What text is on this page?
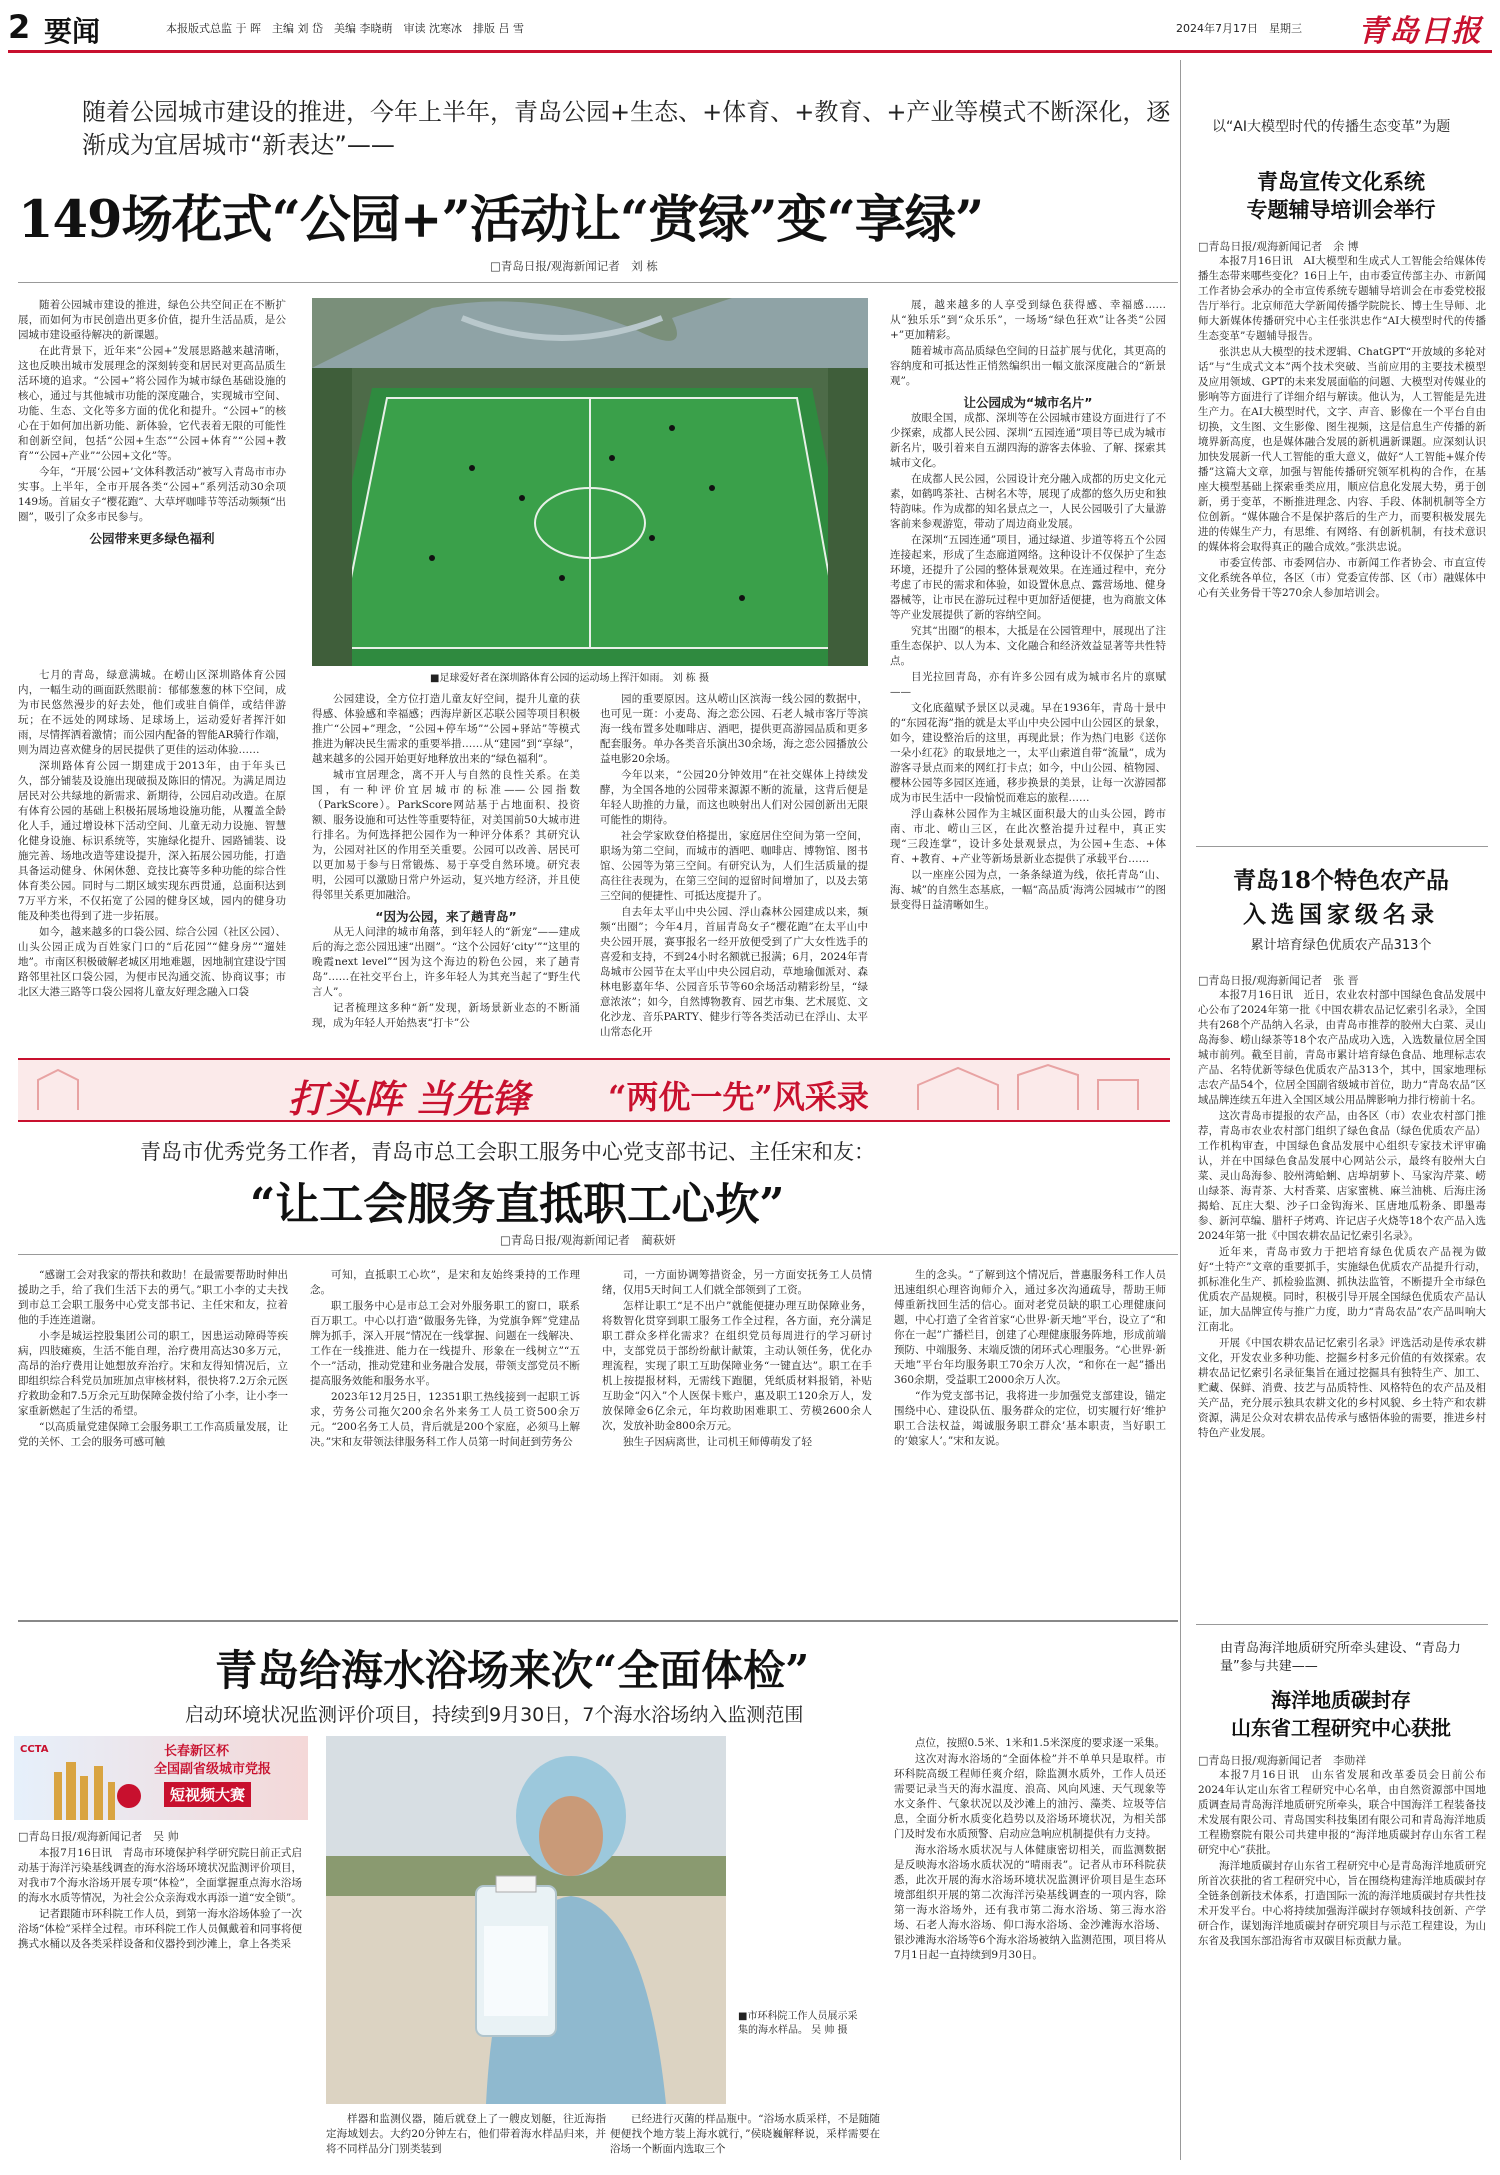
2 要闻	本报版式总监 于 晖　主编 刘 岱　美编 李晓萌　审读 沈寒冰　排版 吕 雪	2024年7月17日　星期三 青岛日报
随着公园城市建设的推进，今年上半年，青岛公园+生态、+体育、+教育、+产业等模式不断深化，逐渐成为宜居城市“新表达”——
149场花式“公园+”活动让“赏绿”变“享绿”
□青岛日报/观海新闻记者　刘 栋

随着公园城市建设的推进，绿色公共空间正在不断扩展，而如何为市民创造出更多价值，提升生活品质，是公园城市建设亟待解决的新课题。

在此背景下，近年来“公园+”发展思路越来越清晰，这也反映出城市发展理念的深刻转变和居民对更高品质生活环境的追求。“公园+”将公园作为城市绿色基础设施的核心，通过与其他城市功能的深度融合，实现城市空间、功能、生态、文化等多方面的优化和提升。“公园+”的核心在于如何加出新功能、新体验，它代表着无限的可能性和创新空间，包括“公园+生态”“公园+体育”“公园+教育”“公园+产业”“公园+文化”等。

今年，“开展‘公园+’文体科教活动”被写入青岛市市办实事。上半年，全市开展各类“公园+”系列活动30余项149场。首届女子“樱花跑”、大草坪咖啡节等活动频频“出圈”，吸引了众多市民参与。

公园带来更多绿色福利

七月的青岛，绿意满城。在崂山区深圳路体育公园内，一幅生动的画面跃然眼前：郁郁葱葱的林下空间，成为市民悠然漫步的好去处，他们或驻自倘佯，或结伴游玩；在不远处的网球场、足球场上，运动爱好者挥汗如雨，尽情挥洒着激情；而公园内配备的智能AR骑行作端，则为周边喜欢健身的居民提供了更佳的运动体验……

深圳路体育公园一期建成于2013年，由于年头已久，部分铺装及设施出现破损及陈旧的情况。为满足周边居民对公共绿地的新需求、新期待，公园启动改造。在原有体育公园的基础上积极拓展场地设施功能，从覆盖全龄化人手，通过增设林下活动空间、儿童无动力设施、智慧化健身设施、标识系统等，实施绿化提升、园路铺装、设施完善、场地改造等建设提升，深入拓展公园功能，打造具备运动健身、休闲休憩、竞技比赛等多种功能的综合性体育类公园。同时与二期区域实现东西贯通，总面积达到7万平方米，不仅拓宽了公园的健身区域，园内的健身功能及种类也得到了进一步拓展。

如今，越来越多的口袋公园、综合公园（社区公园）、山头公园正成为百姓家门口的“后花园”“健身房”“遛娃地”。市南区积极破解老城区用地难题，因地制宜建设宁国路邻里社区口袋公园，为便市民沟通交流、协商议事；市北区大港三路等口袋公园将儿童友好理念融入口袋

■足球爱好者在深圳路体育公园的运动场上挥汗如雨。 刘 栋 摄

公园建设，全方位打造儿童友好空间，提升儿童的获得感、体验感和幸福感；西海岸新区芯联公园等项目积极推广“公园+”理念，“公园+停车场”“公园+驿站”等模式推进为解决民生需求的重要举措……从“建园”到“享绿”，越来越多的公园开始更好地释放出来的“绿色福利”。

城市宜居理念，离不开人与自然的良性关系。在美国，有一种评价宜居城市的标准——公园指数（ParkScore）。ParkScore网站基于占地面积、投资额、服务设施和可达性等重要特征，对美国前50大城市进行排名。为何选择把公园作为一种评分体系？其研究认为，公园对社区的作用至关重要。公园可以改善、居民可以更加易于参与日常锻炼、易于享受自然环境。研究表明，公园可以激励日常户外运动，复兴地方经济，并且使得邻里关系更加融洽。

“因为公园，来了趟青岛”

从无人问津的城市角落，到年轻人的“新宠”——建成后的海之恋公园迅速“出圈”。“这个公园好‘city’”“这里的晚霞next level”“因为这个海边的粉色公园，来了趟青岛”……在社交平台上，许多年轻人为其充当起了“野生代言人”。

记者梳理这多种“新”发现，新场景新业态的不断涌现，成为年轻人开始热衷“打卡”公

园的重要原因。这从崂山区滨海一线公园的数据中，也可见一斑：小麦岛、海之恋公园、石老人城市客厅等滨海一线布置多处咖啡店、酒吧，提供更高游园品质和更多配套服务。单办各类音乐演出30余场，海之恋公园播放公益电影20余场。

今年以来，“公园20分钟效用”在社交媒体上持续发酵，为全国各地的公园带来源源不断的流量，这背后便是年轻人助推的力量，而这也映射出人们对公园创新出无限可能性的期待。

社会学家欧登伯格提出，家庭居住空间为第一空间，职场为第二空间，而城市的酒吧、咖啡店、博物馆、图书馆、公园等为第三空间。有研究认为，人们生活质量的提高往往表现为，在第三空间的逗留时间增加了，以及去第三空间的便捷性、可抵达度提升了。

自去年太平山中央公园、浮山森林公园建成以来，频频“出圈”；今年4月，首届青岛女子“樱花跑”在太平山中央公园开展，赛事报名一经开放便受到了广大女性选手的喜爱和支持，不到24小时名额就已报满；6月，2024年青岛城市公园节在太平山中央公园启动，草地瑜伽派对、森林电影嘉年华、公园音乐节等60余场活动精彩纷呈，“绿意浓浓”；如今，自然博物教育、园艺市集、艺术展览、文化沙龙、音乐PARTY、健步行等各类活动已在浮山、太平山常态化开

展，越来越多的人享受到绿色获得感、幸福感……从“独乐乐”到“众乐乐”，一场场“绿色狂欢”让各类“公园+”更加精彩。

随着城市高品质绿色空间的日益扩展与优化，其更高的容纳度和可抵达性正悄然编织出一幅文旅深度融合的“新景观”。

让公园成为“城市名片”

放眼全国，成都、深圳等在公园城市建设方面进行了不少探索，成都人民公园、深圳“五园连通”项目等已成为城市新名片，吸引着来自五湖四海的游客去体验、了解、探索其城市文化。

在成都人民公园，公园设计充分融入成都的历史文化元素，如鹤鸣茶社、古树名木等，展现了成都的悠久历史和独特韵味。作为成都的知名景点之一，人民公园吸引了大量游客前来参观游览，带动了周边商业发展。

在深圳“五园连通”项目，通过绿道、步道等将五个公园连接起来，形成了生态廊道网络。这种设计不仅保护了生态环境，还提升了公园的整体景观效果。在连通过程中，充分考虑了市民的需求和体验，如设置休息点、露营场地、健身器械等，让市民在游玩过程中更加舒适便捷，也为商旅文体等产业发展提供了新的容纳空间。

究其“出圈”的根本，大抵是在公园管理中，展现出了注重生态保护、以人为本、文化融合和经济效益显著等共性特点。

目光拉回青岛，亦有许多公园有成为城市名片的禀赋——

文化底蕴赋予景区以灵魂。早在1936年，青岛十景中的“东园花海”指的就是太平山中央公园中山公园区的景象，如今，建设整治后的这里，再现此景；作为热门电影《送你一朵小红花》的取景地之一，太平山索道自带“流量”，成为游客寻景点而来的网红打卡点；如今，中山公园、植物园、樱林公园等多园区连通，移步换景的美景，让每一次游园都成为市民生活中一段愉悦而难忘的旅程……

浮山森林公园作为主城区面积最大的山头公园，跨市南、市北、崂山三区，在此次整治提升过程中，真正实现“三段连掌”，设计多处景观景点，为公园+生态、+体育、+教育、+产业等新场景新业态提供了承载平台……

以一座座公园为点，一条条绿道为线，依托青岛“山、海、城”的自然生态基底，一幅“高品质‘海湾公园城市’”的图景变得日益清晰如生。

打头阵 当先锋 “两优一先”风采录
青岛市优秀党务工作者，青岛市总工会职工服务中心党支部书记、主任宋和友：
“让工会服务直抵职工心坎”
□青岛日报/观海新闻记者　蔺萩妍

“感谢工会对我家的帮扶和救助！在最需要帮助时伸出援助之手，给了我们生活下去的勇气。”职工小李的丈夫找到市总工会职工服务中心党支部书记、主任宋和友，拉着他的手连连道谢。

小李是城运控股集团公司的职工，因患运动障碍等疾病，四肢瘫痪，生活不能自理，治疗费用高达30多万元，高昂的治疗费用让她想放弃治疗。宋和友得知情况后，立即组织综合科党员加班加点审核材料，很快将7.2万余元医疗救助金和7.5万余元互助保障金拨付给了小李，让小李一家重新燃起了生活的希望。

“以高质量党建保障工会服务职工工作高质量发展，让党的关怀、工会的服务可感可触

可知，直抵职工心坎”，是宋和友始终秉持的工作理念。

职工服务中心是市总工会对外服务职工的窗口，联系百万职工。中心以打造“做服务先锋，为党旗争辉”党建品牌为抓手，深入开展“情况在一线掌握、问题在一线解决、工作在一线推进、能力在一线提升、形象在一线树立”“五个一”活动，推动党建和业务融合发展，带领支部党员不断提高服务效能和服务水平。

2023年12月25日，12351职工热线接到一起职工诉求，劳务公司拖欠200余名外来务工人员工资500余万元。“200名务工人员，背后就是200个家庭，必须马上解决。”宋和友带领法律服务科工作人员第一时间赶到劳务公

司，一方面协调筹措资金，另一方面安抚务工人员情绪，仅用5天时间工人们就全部领到了工资。

怎样让职工“足不出户”就能便捷办理互助保障业务，将数智化贯穿到职工服务工作全过程，各方面，充分满足职工群众多样化需求？在组织党员每周进行的学习研讨中，支部党员于部纷纷献计献策，主动认领任务，优化办理流程，实现了职工互助保障业务“一键直达”。职工在手机上按提报材料，无需线下跑腿，凭纸质材料报销，补贴互助金“闪入”个人医保卡账户，惠及职工120余万人，发放保障金6亿余元，年均救助困难职工、劳模2600余人次，发放补助金800余万元。

独生子因病离世，让司机王师傅萌发了轻

生的念头。“了解到这个情况后，普惠服务科工作人员迅速组织心理咨询师介入，通过多次沟通疏导，帮助王师傅重新找回生活的信心。面对老党员缺的职工心理健康问题，中心打造了全省首家“心世界·新天地”平台，设立了“和你在一起”广播栏目，创建了心理健康服务阵地，形成前端预防、中端服务、末端反馈的闭环式心理服务。“心世界·新天地”平台年均服务职工70余万人次，“和你在一起”播出360余期，受益职工2000余万人次。

“作为党支部书记，我将进一步加强党支部建设，锚定围绕中心、建设队伍、服务群众的定位，切实履行好‘维护职工合法权益，竭诚服务职工群众’基本职责，当好职工的‘娘家人’。”宋和友说。

青岛给海水浴场来次“全面体检”
启动环境状况监测评价项目，持续到9月30日，7个海水浴场纳入监测范围
CCTA	长春新区杯
全国副省级城市党报
短视频大赛
□青岛日报/观海新闻记者　吴 帅

本报7月16日讯　青岛市环境保护科学研究院日前正式启动基于海洋污染基线调查的海水浴场环境状况监测评价项目，对我市7个海水浴场开展专项“体检”，全面掌握重点海水浴场的海水水质等情况，为社会公众亲海戏水再添一道“安全锁”。

记者跟随市环科院工作人员，到第一海水浴场体验了一次浴场“体检”采样全过程。市环科院工作人员佩戴着和同事将便携式水桶以及各类采样设备和仪器拎到沙滩上，拿上各类采

■市环科院工作人员展示采集的海水样品。 吴 帅 摄

样器和监测仪器，随后就登上了一艘皮划艇，往近海指定海域划去。大约20分钟左右，他们带着海水样品归来，并将不同样品分门别类装到

已经进行灭菌的样品瓶中。“浴场水质采样，不是随随便便找个地方装上海水就行，”侯晓巍解释说，采样需要在浴场一个断面内选取三个

点位，按照0.5米、1米和1.5米深度的要求逐一采集。

这次对海水浴场的“全面体检”并不单单只是取样。市环科院高级工程师任爽介绍，除监测水质外，工作人员还需要记录当天的海水温度、浪高、风向风速、天气现象等水文条件、气象状况以及沙滩上的油污、藻类、垃圾等信息，全面分析水质变化趋势以及浴场环境状况，为相关部门及时发布水质预警、启动应急响应机制提供有力支持。

海水浴场水质状况与人体健康密切相关，而监测数据是反映海水浴场水质状况的“晴雨表”。记者从市环科院获悉，此次开展的海水浴场环境状况监测评价项目是生态环境部组织开展的第二次海洋污染基线调查的一项内容，除第一海水浴场外，还有我市第二海水浴场、第三海水浴场、石老人海水浴场、仰口海水浴场、金沙滩海水浴场、银沙滩海水浴场等6个海水浴场被纳入监测范围，项目将从7月1日起一直持续到9月30日。

以“AI大模型时代的传播生态变革”为题
青岛宣传文化系统
专题辅导培训会举行
□青岛日报/观海新闻记者　余 博

本报7月16日讯　AI大模型和生成式人工智能会给媒体传播生态带来哪些变化？16日上午，由市委宣传部主办、市新闻工作者协会承办的全市宣传系统专题辅导培训会在市委党校报告厅举行。北京师范大学新闻传播学院院长、博士生导师、北师大新媒体传播研究中心主任张洪忠作“AI大模型时代的传播生态变革”专题辅导报告。

张洪忠从大模型的技术逻辑、ChatGPT“开放域的多轮对话”与“生成式文本”两个技术突破、当前应用的主要技术模型及应用领域、GPT的未来发展面临的问题、大模型对传媒业的影响等方面进行了详细介绍与解读。他认为，人工智能是先进生产力。在AI大模型时代，文字、声音、影像在一个平台自由切换，文生图、文生影像、图生视频，这是信息生产传播的新境界新高度，也是媒体融合发展的新机遇新课题。应深刻认识加快发展新一代人工智能的重大意义，做好“人工智能+媒介传播”这篇大文章，加强与智能传播研究领军机构的合作，在基座大模型基础上探索垂类应用，顺应信息化发展大势，勇于创新，勇于变革，不断推进理念、内容、手段、体制机制等全方位创新。“媒体融合不是保护落后的生产力，而要积极发展先进的传媒生产力，有思维、有网络、有创新机制，有技术意识的媒体将会取得真正的融合成效。”张洪忠说。

市委宣传部、市委网信办、市新闻工作者协会、市直宣传文化系统各单位，各区（市）党委宣传部、区（市）融媒体中心有关业务骨干等270余人参加培训会。

青岛18个特色农产品
入选国家级名录
累计培育绿色优质农产品313个
□青岛日报/观海新闻记者　张 晋

本报7月16日讯　近日，农业农村部中国绿色食品发展中心公布了2024年第一批《中国农耕农品记忆索引名录》，全国共有268个产品纳入名录，由青岛市推荐的胶州大白菜、灵山岛海参、崂山绿茶等18个农产品成功入选，入选数量位居全国城市前列。截至目前，青岛市累计培育绿色食品、地理标志农产品、名特优新等绿色优质农产品313个，其中，国家地理标志农产品54个，位居全国副省级城市首位，助力“青岛农品”区域品牌连续五年进入全国区域公用品牌影响力排行榜前十名。

这次青岛市提报的农产品，由各区（市）农业农村部门推荐，青岛市农业农村部门组织了绿色食品（绿色优质农产品）工作机构审查，中国绿色食品发展中心组织专家技术评审确认，并在中国绿色食品发展中心网站公示，最终有胶州大白菜、灵山岛海参、胶州湾蛤蜊、店埠胡萝卜、马家沟芹菜、崂山绿茶、海青茶、大村香菜、店家蜜桃、麻兰油桃、后海庄汤揭蛤、瓦庄大梨、沙子口金钩海米、匡唐地瓜粉条、即墨毒参、新河草编、腊杆子烤鸡、许记店子火烧等18个农产品入选2024年第一批《中国农耕农品记忆索引名录》。

近年来，青岛市致力于把培育绿色优质农产品视为做好“土特产”文章的重要抓手，实施绿色优质农产品提升行动，抓标准化生产、抓检验监测、抓执法监管，不断提升全市绿色优质农产品规模。同时，积极引导开展全国绿色优质农产品认证，加大品牌宣传与推广力度，助力“青岛农品”农产品叫响大江南北。

开展《中国农耕农品记忆索引名录》评选活动是传承农耕文化，开发农业多种功能、挖掘乡村多元价值的有效探索。农耕农品记忆索引名录征集旨在通过挖掘具有独特生产、加工、贮藏、保鲜、消费、技艺与品质特性、风格特色的农产品及相关产品，充分展示独具农耕文化的乡村风貌、乡土特产和农耕资源，满足公众对农耕农品传承与感悟体验的需要，推进乡村特色产业发展。

由青岛海洋地质研究所牵头建设、“青岛力量”参与共建——
海洋地质碳封存
山东省工程研究中心获批
□青岛日报/观海新闻记者　李勋祥

本报7月16日讯　山东省发展和改革委员会日前公布2024年认定山东省工程研究中心名单，由自然资源部中国地质调查局青岛海洋地质研究所牵头，联合中国海洋工程装备技术发展有限公司、青岛国实科技集团有限公司和青岛海洋地质工程勘察院有限公司共建申报的“海洋地质碳封存山东省工程研究中心”获批。

海洋地质碳封存山东省工程研究中心是青岛海洋地质研究所首次获批的省工程研究中心，旨在围绕构建海洋地质碳封存全链条创新技术体系，打造国际一流的海洋地质碳封存共性技术开发平台。中心将持续加强海洋碳封存领域科技创新、产学研合作，谋划海洋地质碳封存研究项目与示范工程建设，为山东省及我国东部沿海省市双碳目标贡献力量。
